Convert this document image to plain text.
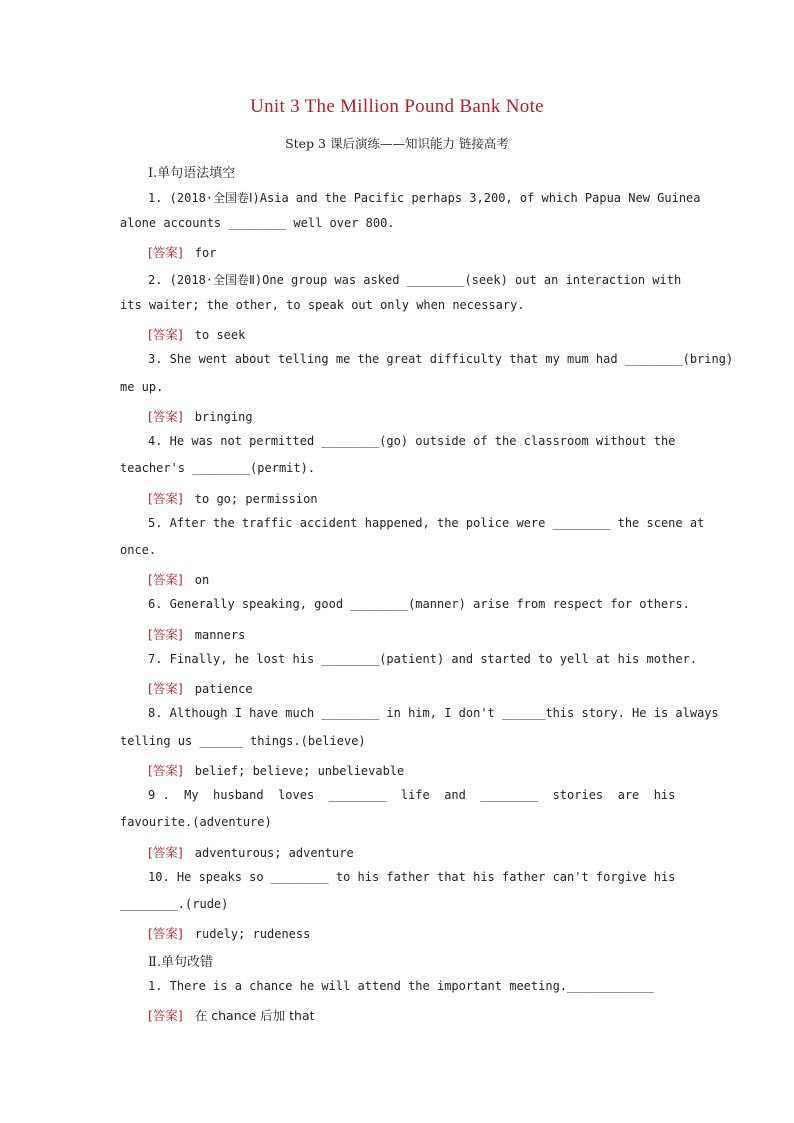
Unit 3 The Million Pound Bank Note
Step 3 课后演练——知识能力 链接高考
Ⅰ.单句语法填空
1. (2018·全国卷Ⅰ)Asia and the Pacific perhaps 3,200, of which Papua New Guinea
alone accounts ________ well over 800.
[答案] for
2. (2018·全国卷Ⅱ)One group was asked ________(seek) out an interaction with
its waiter; the other, to speak out only when necessary.
[答案] to seek
3. She went about telling me the great difficulty that my mum had ________(bring)
me up.
[答案] bringing
4. He was not permitted ________(go) outside of the classroom without the
teacher's ________(permit).
[答案] to go; permission
5. After the traffic accident happened, the police were ________ the scene at
once.
[答案] on
6. Generally speaking, good ________(manner) arise from respect for others.
[答案] manners
7. Finally, he lost his ________(patient) and started to yell at his mother.
[答案] patience
8. Although I have much ________ in him, I don't ______this story. He is always
telling us ______ things.(believe)
[答案] belief; believe; unbelievable
9 .  My  husband  loves  ________  life  and  ________  stories  are  his
favourite.(adventure)
[答案] adventurous; adventure
10. He speaks so ________ to his father that his father can't forgive his
________.(rude)
[答案] rudely; rudeness
Ⅱ.单句改错
1. There is a chance he will attend the important meeting.____________
[答案] 在 chance 后加 that
